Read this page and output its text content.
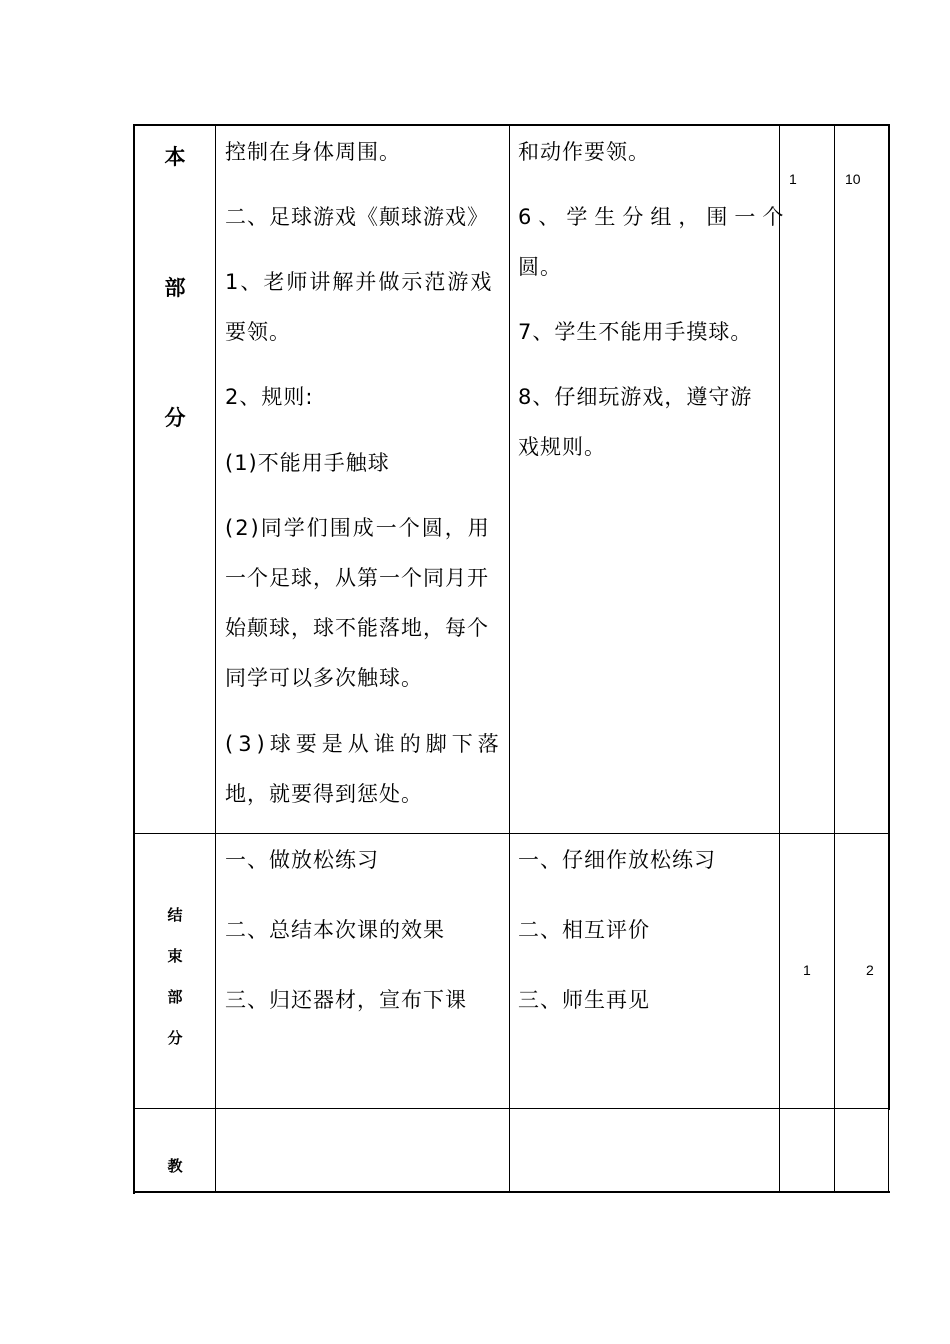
本
部
分
控制在身体周围。
二、足球游戏《颠球游戏》
1、老师讲解并做示范游戏
要领。
2、规则:
(1)不能用手触球
(2)同学们围成一个圆，用
一个足球，从第一个同月开
始颠球，球不能落地，每个
同学可以多次触球。
(3)球要是从谁的脚下落
地，就要得到惩处。
和动作要领。
6、学生分组，围一个
圆。
7、学生不能用手摸球。
8、仔细玩游戏，遵守游
戏规则。
1	10
结
束
部
分
一、做放松练习
二、总结本次课的效果
三、归还器材，宣布下课
一、仔细作放松练习
二、相互评价
三、师生再见
1	2
教
